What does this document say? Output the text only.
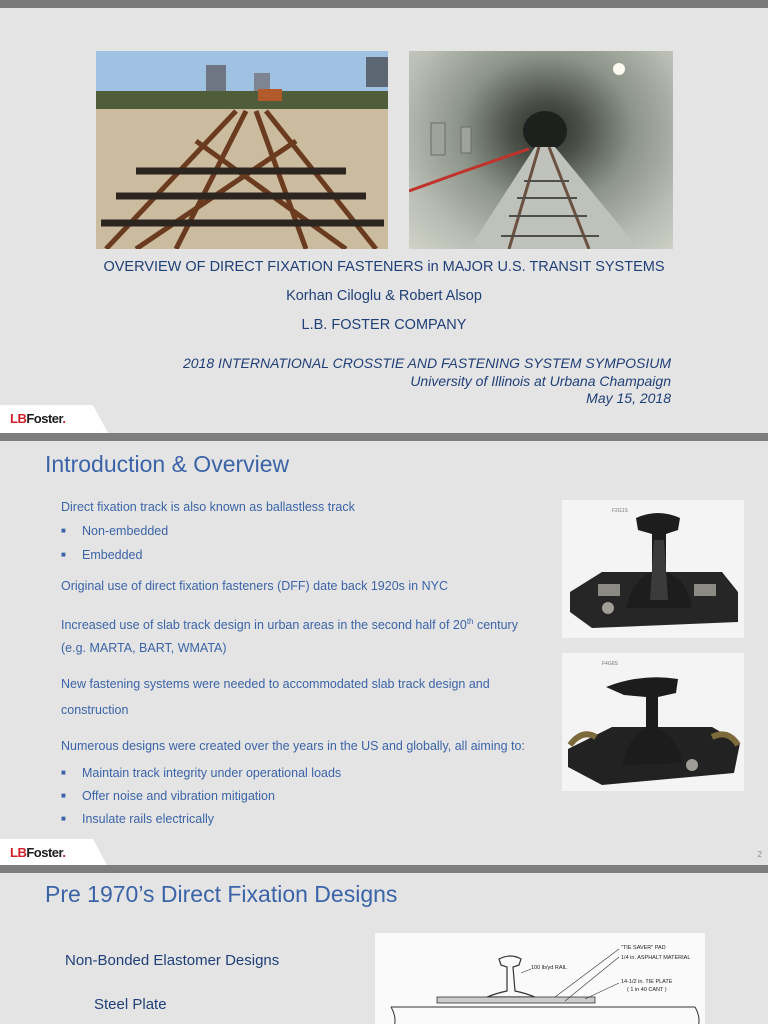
OVERVIEW OF DIRECT FIXATION FASTENERS in MAJOR U.S. TRANSIT SYSTEMS
Korhan Ciloglu & Robert Alsop
L.B. FOSTER COMPANY
2018 INTERNATIONAL CROSSTIE AND FASTENING SYSTEM SYMPOSIUM
University of Illinois at Urbana Champaign
May 15, 2018
LBFoster.
Introduction & Overview
Direct fixation track is also known as ballastless track
■ Non-embedded
■ Embedded
Original use of direct fixation fasteners (DFF) date back 1920s in NYC
Increased use of slab track design in urban areas in the second half of 20th century
(e.g. MARTA, BART, WMATA)
New fastening systems were needed to accommodated slab track design and
construction
Numerous designs were created over the years in the US and globally, all aiming to:
■ Maintain track integrity under operational loads
■ Offer noise and vibration mitigation
■ Insulate rails electrically
F2G1S
F4G6S
LBFoster.	2
Pre 1970’s Direct Fixation Designs
Non-Bonded Elastomer Designs
Steel Plate
"TIE SAVER" PAD
1/4 in. ASPHALT MATERIAL
100 lb/yd RAIL
14-1/2 in. TIE PLATE
( 1 in 40 CANT )
